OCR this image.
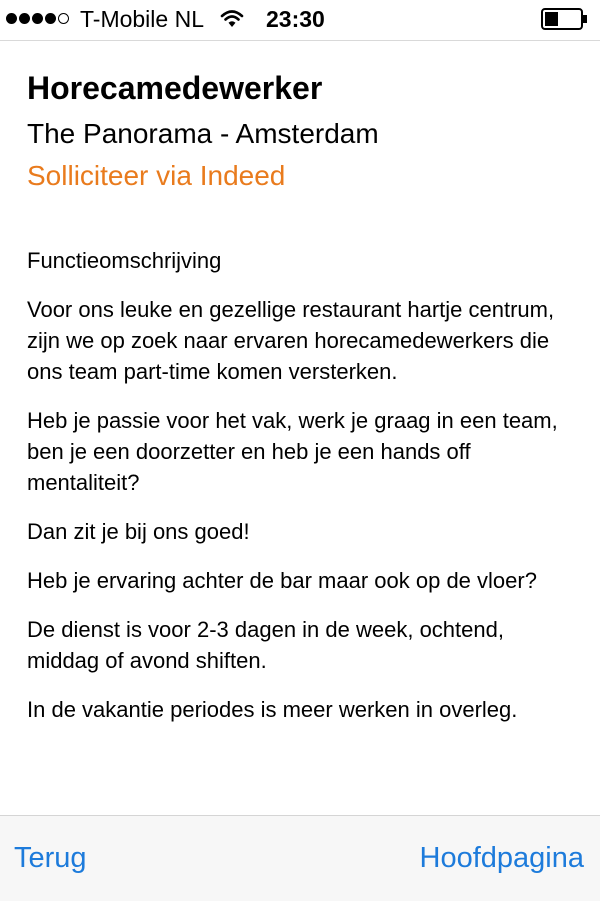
T-Mobile NL	23:30
Horecamedewerker
The Panorama - Amsterdam
Solliciteer via Indeed

Functieomschrijving

Voor ons leuke en gezellige restaurant hartje centrum, zijn we op zoek naar ervaren horecamedewerkers die ons team part-time komen versterken.

Heb je passie voor het vak, werk je graag in een team, ben je een doorzetter en heb je een hands off mentaliteit?

Dan zit je bij ons goed!

Heb je ervaring achter de bar maar ook op de vloer?

De dienst is voor 2-3 dagen in de week, ochtend, middag of avond shiften.

In de vakantie periodes is meer werken in overleg.

Terug	Hoofdpagina
